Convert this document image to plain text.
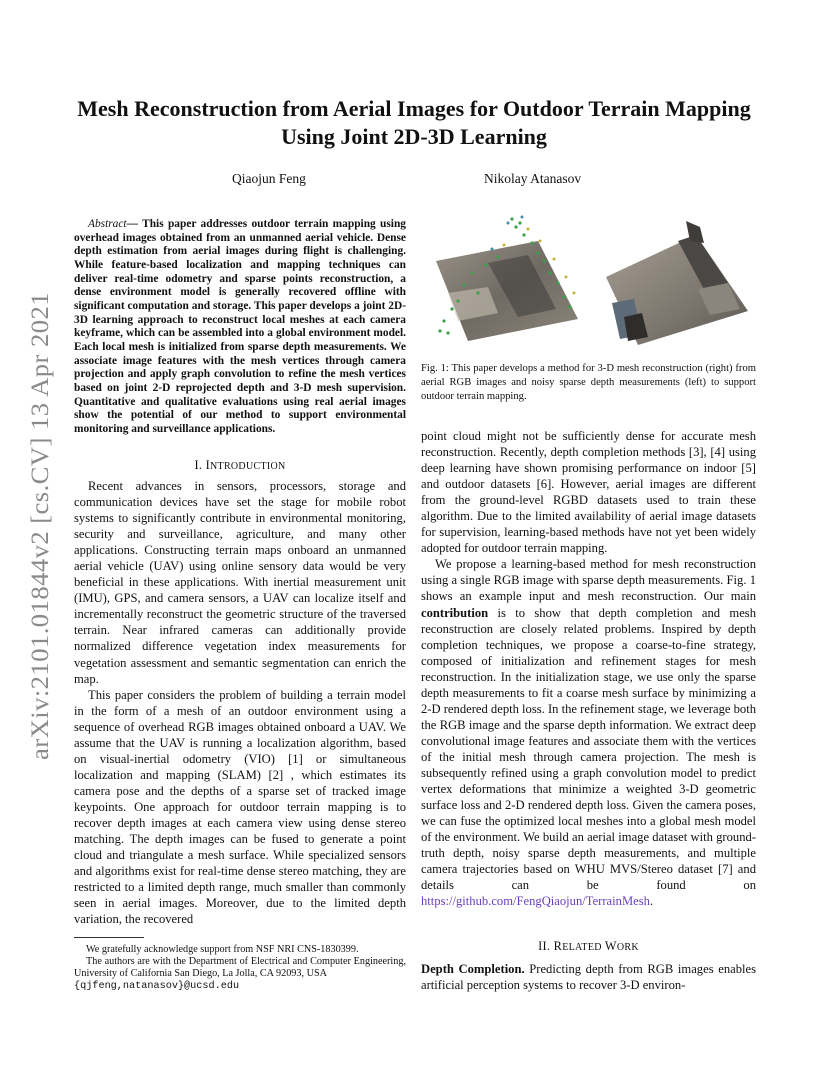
arXiv:2101.01844v2 [cs.CV] 13 Apr 2021
Mesh Reconstruction from Aerial Images for Outdoor Terrain Mapping
Using Joint 2D-3D Learning
Qiaojun Feng	Nikolay Atanasov

Abstract— This paper addresses outdoor terrain mapping using overhead images obtained from an unmanned aerial vehicle. Dense depth estimation from aerial images during flight is challenging. While feature-based localization and mapping techniques can deliver real-time odometry and sparse points reconstruction, a dense environment model is generally recovered offline with significant computation and storage. This paper develops a joint 2D-3D learning approach to reconstruct local meshes at each camera keyframe, which can be assembled into a global environment model. Each local mesh is initialized from sparse depth measurements. We associate image features with the mesh vertices through camera projection and apply graph convolution to refine the mesh vertices based on joint 2-D reprojected depth and 3-D mesh supervision. Quantitative and qualitative evaluations using real aerial images show the potential of our method to support environmental monitoring and surveillance applications.

I. INTRODUCTION

Recent advances in sensors, processors, storage and communication devices have set the stage for mobile robot systems to significantly contribute in environmental monitoring, security and surveillance, agriculture, and many other applications. Constructing terrain maps onboard an unmanned aerial vehicle (UAV) using online sensory data would be very beneficial in these applications. With inertial measurement unit (IMU), GPS, and camera sensors, a UAV can localize itself and incrementally reconstruct the geometric structure of the traversed terrain. Near infrared cameras can additionally provide normalized difference vegetation index measurements for vegetation assessment and semantic segmentation can enrich the map.

This paper considers the problem of building a terrain model in the form of a mesh of an outdoor environment using a sequence of overhead RGB images obtained onboard a UAV. We assume that the UAV is running a localization algorithm, based on visual-inertial odometry (VIO) [1] or simultaneous localization and mapping (SLAM) [2] , which estimates its camera pose and the depths of a sparse set of tracked image keypoints. One approach for outdoor terrain mapping is to recover depth images at each camera view using dense stereo matching. The depth images can be fused to generate a point cloud and triangulate a mesh surface. While specialized sensors and algorithms exist for real-time dense stereo matching, they are restricted to a limited depth range, much smaller than commonly seen in aerial images. Moreover, due to the limited depth variation, the recovered

We gratefully acknowledge support from NSF NRI CNS-1830399.
The authors are with the Department of Electrical and Computer Engineering, University of California San Diego, La Jolla, CA 92093, USA
{qjfeng,natanasov}@ucsd.edu
Fig. 1: This paper develops a method for 3-D mesh reconstruction (right) from aerial RGB images and noisy sparse depth measurements (left) to support outdoor terrain mapping.

point cloud might not be sufficiently dense for accurate mesh reconstruction. Recently, depth completion methods [3], [4] using deep learning have shown promising performance on indoor [5] and outdoor datasets [6]. However, aerial images are different from the ground-level RGBD datasets used to train these algorithm. Due to the limited availability of aerial image datasets for supervision, learning-based methods have not yet been widely adopted for outdoor terrain mapping.

We propose a learning-based method for mesh reconstruction using a single RGB image with sparse depth measurements. Fig. 1 shows an example input and mesh reconstruction. Our main contribution is to show that depth completion and mesh reconstruction are closely related problems. Inspired by depth completion techniques, we propose a coarse-to-fine strategy, composed of initialization and refinement stages for mesh reconstruction. In the initialization stage, we use only the sparse depth measurements to fit a coarse mesh surface by minimizing a 2-D rendered depth loss. In the refinement stage, we leverage both the RGB image and the sparse depth information. We extract deep convolutional image features and associate them with the vertices of the initial mesh through camera projection. The mesh is subsequently refined using a graph convolution model to predict vertex deformations that minimize a weighted 3-D geometric surface loss and 2-D rendered depth loss. Given the camera poses, we can fuse the optimized local meshes into a global mesh model of the environment. We build an aerial image dataset with ground-truth depth, noisy sparse depth measurements, and multiple camera trajectories based on WHU MVS/Stereo dataset [7] and details can be found on https://github.com/FengQiaojun/TerrainMesh.

II. RELATED WORK
Depth Completion. Predicting depth from RGB images enables artificial perception systems to recover 3-D environ-
